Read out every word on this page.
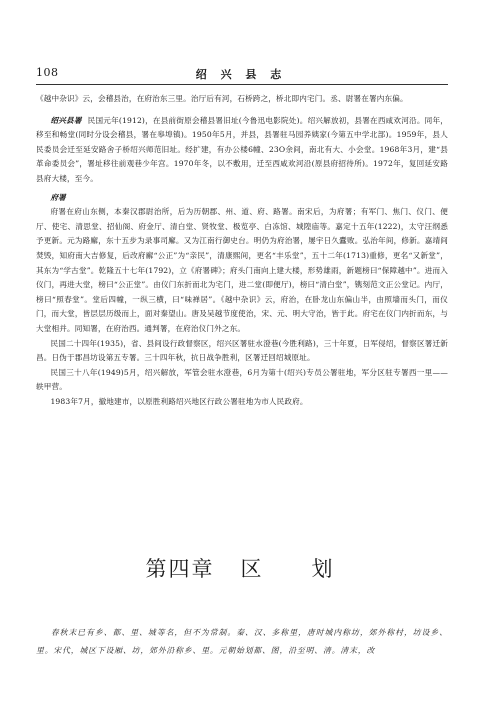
108	绍 兴 县 志

《越中杂识》云，会稽县治，在府治东三里。治厅后有河，石桥跨之，桥北即内宅门。丞、尉署在署内东偏。

绍兴县署 民国元年(1912)，在县前街原会稽县署旧址(今鲁迅电影院处)。绍兴解放初，县署在西咸欢河沿。同年，移至和畅堂(同时分设会稽县，署在皋埠镇)。1950年5月，并县，县署驻马园养姨家(今第五中学北部)。1959年，县人民委员会迁至延安路舍子桥绍兴师范旧址。经扩建，有办公楼6幢、23O余间，南北有大、小会堂。1968年3月，建“县革命委员会”，署址移往前观巷少年宫。1970年冬，以不敷用，迁至西咸欢河沿(原县府招待所)。1972年，复回延安路县府大楼，至今。

府署

府署在府山东侧，本秦汉郡尉治所，后为历朝郡、州、道、府、路署。南宋后，为府署；有军门、焦门、仪门、便厅、使宅、清思堂、招仙阁、府金厅、清白堂、贤牧堂、极览亭、白冻馆、城隍庙等。嘉定十五年(1222)，太守汪纲悉予更新。元为路廨，东十五步为录事司廨。又为江南行御史台。明仍为府治署，屡宇日久蠹败。弘治年间，修新。嘉靖间焚毁，知府南大吉修复，后改府廨“公正”为“亲民”，清康熙间，更名“丰乐堂”，五十二年(1713)重修，更名“又新堂”，其东为“学古堂”。乾隆五十七年(1792)，立《府署碑》；府头门南向上建大楼，形势雄雨，新题榜曰“保障越中”。进而入仪门，再进大堂，榜曰“公正堂”。由仪门东折而北为宅门，进二堂(即便厅)，榜曰“清白堂”，镌刻范文正公堂记。内厅，榜曰“照春堂”。堂后四幢，一纵三横，曰“味禅居”。《越中杂识》云，府治，在卧龙山东偏山半，由照墙而头门，而仪门，而大堂，皆层层历级而上，面对秦望山。唐及吴越节度使治，宋、元、明大守治，皆于此。府宅在仪门内折而东，与大堂相并。同知署，在府治西。通判署，在府治仪门外之东。

民国二十四年(1935)，省、县间设行政督察区，绍兴区署驻水澄巷(今胜利路)，三十年夏，日军侵绍，督察区署迁新昌。日伪于郡昌坊设第五专署。三十四年秋，抗日战争胜利，区署迁回绍城原址。

民国三十八年(1949)5月，绍兴解放，军管会驻水澄巷，6月为第十(绍兴)专员公署驻地，军分区驻专署西一里——轶甲营。

1983年7月，撤地建市，以原胜利路绍兴地区行政公署驻地为市人民政府。

第四章 区 划

春秋末已有乡、都、里、城等名，但不为常制。秦、汉、多称里，唐时城内称坊，郊外称村，坊设乡、里。宋代，城区下设厢、坊，郊外沿称乡、里。元朝始划都、图，沿至明、清。清末，改
